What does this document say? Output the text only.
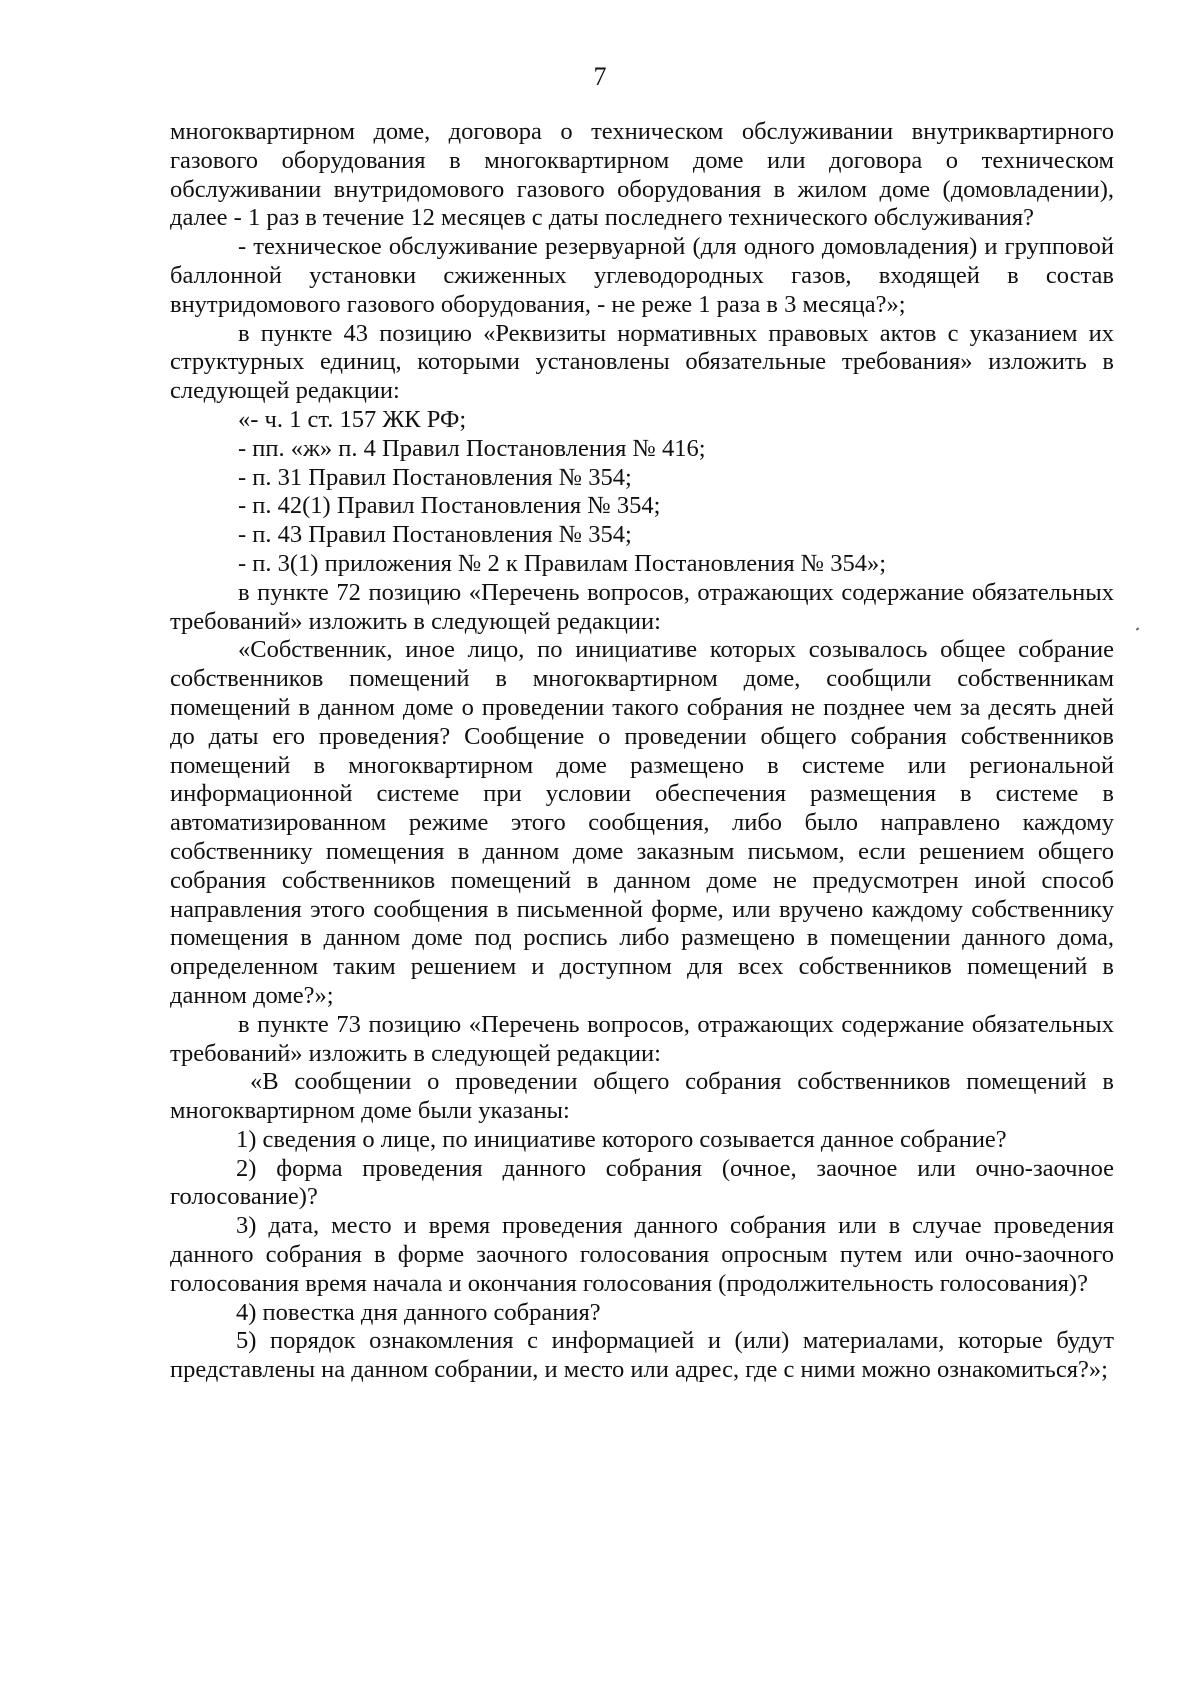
7

многоквартирном доме, договора о техническом обслуживании внутриквартирного газового оборудования в многоквартирном доме или договора о техническом обслуживании внутридомового газового оборудования в жилом доме (домовладении), далее - 1 раз в течение 12 месяцев с даты последнего технического обслуживания?

- техническое обслуживание резервуарной (для одного домовладения) и групповой баллонной установки сжиженных углеводородных газов, входящей в состав внутридомового газового оборудования, - не реже 1 раза в 3 месяца?»;

в пункте 43 позицию «Реквизиты нормативных правовых актов с указанием их структурных единиц, которыми установлены обязательные требования» изложить в следующей редакции:

«- ч. 1 ст. 157 ЖК РФ;

- пп. «ж» п. 4 Правил Постановления № 416;

- п. 31 Правил Постановления № 354;

- п. 42(1) Правил Постановления № 354;

- п. 43 Правил Постановления № 354;

- п. 3(1) приложения № 2 к Правилам Постановления № 354»;

в пункте 72 позицию «Перечень вопросов, отражающих содержание обязательных требований» изложить в следующей редакции:

«Собственник, иное лицо, по инициативе которых созывалось общее собрание собственников помещений в многоквартирном доме, сообщили собственникам помещений в данном доме о проведении такого собрания не позднее чем за десять дней до даты его проведения? Сообщение о проведении общего собрания собственников помещений в многоквартирном доме размещено в системе или региональной информационной системе при условии обеспечения размещения в системе в автоматизированном режиме этого сообщения, либо было направлено каждому собственнику помещения в данном доме заказным письмом, если решением общего собрания собственников помещений в данном доме не предусмотрен иной способ направления этого сообщения в письменной форме, или вручено каждому собственнику помещения в данном доме под роспись либо размещено в помещении данного дома, определенном таким решением и доступном для всех собственников помещений в данном доме?»;

в пункте 73 позицию «Перечень вопросов, отражающих содержание обязательных требований» изложить в следующей редакции:

«В сообщении о проведении общего собрания собственников помещений в многоквартирном доме были указаны:

1) сведения о лице, по инициативе которого созывается данное собрание?

2) форма проведения данного собрания (очное, заочное или очно-заочное голосование)?

3) дата, место и время проведения данного собрания или в случае проведения данного собрания в форме заочного голосования опросным путем или очно-заочного голосования время начала и окончания голосования (продолжительность голосования)?

4) повестка дня данного собрания?

5) порядок ознакомления с информацией и (или) материалами, которые будут представлены на данном собрании, и место или адрес, где с ними можно ознакомиться?»;
